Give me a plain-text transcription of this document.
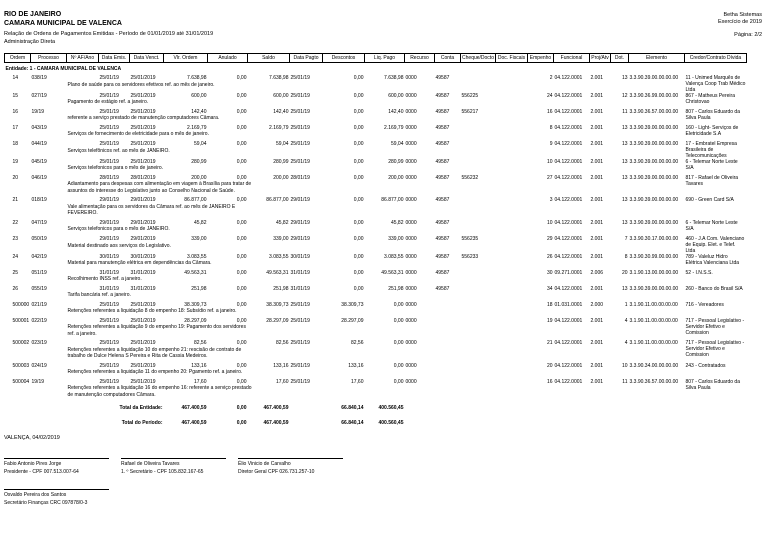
RIO DE JANEIRO
CAMARA MUNICIPAL DE VALENCA
Relação de Ordens de Pagamentos Emitidas - Período de 01/01/2019 até 31/01/2019
Administração Direta
Betha Sistemas
Exercício de 2019
Página: 2/2
Ordem	Processo	Nº AF/Ano	Data Emis.	Data Venct.	Vlr. Ordem	Anulado	Saldo	Data Pagto	Descontos	Liq. Pago	Recurso	Conta	Cheque/Docto	Doc. Fiscais	Empenho	Funcional	Proj/Atv	Dot.	Elemento	Credor/Contrato Dívida
Entidade: 1 - CAMARA MUNICIPAL DE VALENCA																				
14	038/19		25/01/19	25/01/2019	7.638,98	0,00	7.638,98	25/01/19	0,00	7.638,98	0000	49587			2	04.122.0001	2.001	13	3.3.90.39.00.00.00.00	11 - Unimed Marquês de Valença Coop Trab Médico Ltda

		Plano de saúde para os servidores efetivos ref. ao mês de janeiro.																		

15	027/19		25/01/19	25/01/2019	600,00	0,00	600,00	25/01/19	0,00	600,00	0000	49587	556225		24	04.122.0001	2.001	12	3.3.90.36.99.00.00.00	867 - Matheus Pereira Christovao

		Pagamento de estágio ref. a janeiro.																		

16	19/19		25/01/19	25/01/2019	142,40	0,00	142,40	25/01/19	0,00	142,40	0000	49587	556217		16	04.122.0001	2.001	11	3.3.90.36.57.00.00.00	807 - Carlos Eduardo da Silva Paula

		referente a serviço prestado de manutenção computadores Câmara.																		

17	043/19		25/01/19	25/01/2019	2.169,79	0,00	2.169,79	25/01/19	0,00	2.169,79	0000	49587			8	04.122.0001	2.001	13	3.3.90.39.00.00.00.00	160 - Light- Serviços de Eletricidade S.A

		Serviços de fornecimento de eletricidade para o mês de janeiro.																		

18	044/19		25/01/19	25/01/2019	59,04	0,00	59,04	25/01/19	0,00	59,04	0000	49587			9	04.122.0001	2.001	13	3.3.90.39.00.00.00.00	17 - Embratel Empresa Brasileira de Telecomunicações

		Serviços telefônicos ref. ao mês de JANEIRO.																		

19	045/19		25/01/19	25/01/2019	280,99	0,00	280,99	25/01/19	0,00	280,99	0000	49587			10	04.122.0001	2.001	13	3.3.90.39.00.00.00.00	6 - Telemar Norte Leste S/A

		Serviços telefonicos para o mês de janeiro.																		

20	046/19		28/01/19	28/01/2019	200,00	0,00	200,00	28/01/19	0,00	200,00	0000	49587	556232		27	04.122.0001	2.001	13	3.3.90.39.00.00.00.00	817 - Rafael de Oliveira Tavares

		Adiantamento para despesas com alimentação em viagem à Brasília para tratar de assuntos do interesse do Legislativo junto ao Conselho Nacional de Saúde.																		

21	018/19		29/01/19	29/01/2019	86.877,00	0,00	86.877,00	29/01/19	0,00	86.877,00	0000	49587			3	04.122.0001	2.001	13	3.3.90.39.00.00.00.00	690 - Green Card S/A

		Vale alimentação para os servidores da Câmara ref. ao mês de JANEIRO E FEVEREIRO.																		

22	047/19		29/01/19	29/01/2019	45,82	0,00	45,82	29/01/19	0,00	45,82	0000	49587			10	04.122.0001	2.001	13	3.3.90.39.00.00.00.00	6 - Telemar Norte Leste S/A

		Serviços telefonicos para o mês de JANEIRO.																		

23	050/19		29/01/19	29/01/2019	339,00	0,00	339,00	29/01/19	0,00	339,00	0000	49587	556235		29	04.122.0001	2.001	7	3.3.90.30.17.00.00.00	460 - J.A Com. Valenciano de Equip. Elet. e Telef. Ltda

		Material destinado aos serviços do Legislativo.																		

24	042/19		30/01/19	30/01/2019	3.083,55	0,00	3.083,55	30/01/19	0,00	3.083,55	0000	49587	556233		26	04.122.0001	2.001	8	3.3.90.30.99.00.00.00	789 - Valeluz Hidro Elétrica Valenciana Ltda

		Material para manutenção elétrica em dependências da Câmara.																		

25	051/19		31/01/19	31/01/2019	49.563,31	0,00	49.563,31	31/01/19	0,00	49.563,31	0000	49587			30	09.271.0001	2.006	20	3.1.90.13.00.00.00.00	52 - I.N.S.S.

		Recolhimento INSS ref. a janeiro.																		

26	055/19		31/01/19	31/01/2019	251,98	0,00	251,98	31/01/19	0,00	251,98	0000	49587			34	04.122.0001	2.001	13	3.3.90.39.00.00.00.00	260 - Banco do Brasil S/A

		Tarifa bancária ref. a janeiro.																		

500000	021/19		25/01/19	25/01/2019	38.309,73	0,00	38.309,73	25/01/19	38.309,73	0,00	0000				18	01.031.0001	2.000	1	3.1.90.11.00.00.00.00	716 - Vereadores

		Retenções referentes a liquidação 8 do empenho 18: Subsídio ref. a janeiro.																		

500001	022/19		25/01/19	25/01/2019	28.297,09	0,00	28.297,09	25/01/19	28.297,09	0,00	0000				19	04.122.0001	2.001	4	3.1.90.11.00.00.00.00	717 - Pessoal Legislativo - Servidor Efetivo e Comission

		Retenções referentes a liquidação 9 do empenho 19: Pagamento dos servidores ref. a janeiro.																		

500002	023/19		25/01/19	25/01/2019	82,56	0,00	82,56	25/01/19	82,56	0,00	0000				21	04.122.0001	2.001	4	3.1.90.11.00.00.00.00	717 - Pessoal Legislativo - Servidor Efetivo e Comission

		Retenções referentes a liquidação 10 do empenho 21: rescisão de contrato de trabalho de Dulce Helena S Pereira e Rita de Cassia Medeiros.																		

500003	024/19		25/01/19	25/01/2019	133,16	0,00	133,16	25/01/19	133,16	0,00	0000				20	04.122.0001	2.001	10	3.3.90.34.00.00.00.00	243 - Contratados

		Retenções referentes a liquidação 11 do empenho 20: Pgamento ref. a janeiro.																		

500004	19/19		25/01/19	25/01/2019	17,60	0,00	17,60	25/01/19	17,60	0,00	0000				16	04.122.0001	2.001	11	3.3.90.36.57.00.00.00	807 - Carlos Eduardo da Silva Paula

		Retenções referentes a liquidação 16 do empenho 16: referente a serviço prestado de manutenção computadores Câmara.																		

Total da Entidade:					467.400,59	0,00	467.400,59		66.840,14	400.560,45										
Total do Período:					467.400,59	0,00	467.400,59		66.840,14	400.560,45										
VALENÇA, 04/02/2019
Fabio Antonio Pires Jorge
Presidente - CPF 007.513.007-64
Rafael de Oliveira Tavares
1. º Secretário - CPF 105.832.167-65
Élio Vinicio de Carvalho
Diretor Geral CPF 026.731.257-10
Osvaldo Pereira dos Santos
Secretário Finanças CRC 097878/0-3
